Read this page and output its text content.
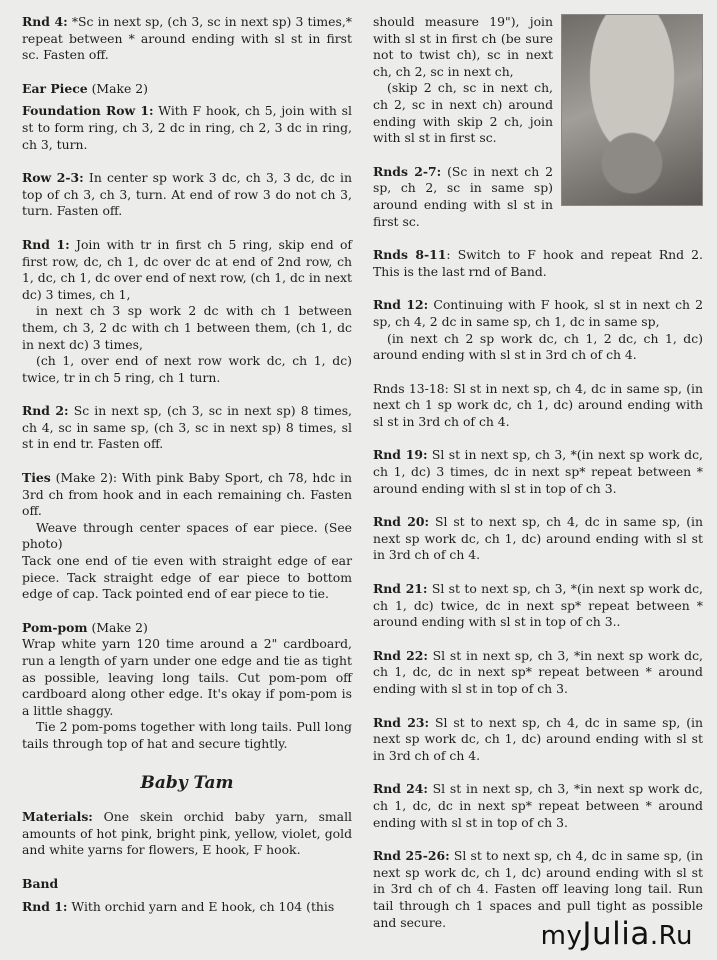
Rnd 4: *Sc in next sp, (ch 3, sc in next sp) 3 times,* repeat between * around ending with sl st in first sc. Fasten off.

Ear Piece (Make 2)

Foundation Row 1: With F hook, ch 5, join with sl st to form ring, ch 3, 2 dc in ring, ch 2, 3 dc in ring, ch 3, turn.

Row 2-3: In center sp work 3 dc, ch 3, 3 dc, dc in top of ch 3, ch 3, turn. At end of row 3 do not ch 3, turn. Fasten off.

Rnd 1: Join with tr in first ch 5 ring, skip end of first row, dc, ch 1, dc over dc at end of 2nd row, ch 1, dc, ch 1, dc over end of next row, (ch 1, dc in next dc) 3 times, ch 1,

in next ch 3 sp work 2 dc with ch 1 between them, ch 3, 2 dc with ch 1 between them, (ch 1, dc in next dc) 3 times,

(ch 1, over end of next row work dc, ch 1, dc) twice, tr in ch 5 ring, ch 1 turn.

Rnd 2: Sc in next sp, (ch 3, sc in next sp) 8 times, ch 4, sc in same sp, (ch 3, sc in next sp) 8 times, sl st in end tr. Fasten off.

Ties (Make 2): With pink Baby Sport, ch 78, hdc in 3rd ch from hook and in each remaining ch. Fasten off.

Weave through center spaces of ear piece. (See photo)

Tack one end of tie even with straight edge of ear piece. Tack straight edge of ear piece to bottom edge of cap. Tack pointed end of ear piece to tie.

Pom-pom (Make 2)

Wrap white yarn 120 time around a 2" cardboard, run a length of yarn under one edge and tie as tight as possible, leaving long tails. Cut pom-pom off cardboard along other edge. It's okay if pom-pom is a little shaggy.

Tie 2 pom-poms together with long tails. Pull long tails through top of hat and secure tightly.

Baby Tam

Materials: One skein orchid baby yarn, small amounts of hot pink, bright pink, yellow, violet, gold and white yarns for flowers, E hook, F hook.

Band

Rnd 1: With orchid yarn and E hook, ch 104 (this

should measure 19"), join with sl st in first ch (be sure not to twist ch), sc in next ch, ch 2, sc in next ch,

(skip 2 ch, sc in next ch, ch 2, sc in next ch) around ending with skip 2 ch, join with sl st in first sc.

Rnds 2-7: (Sc in next ch 2 sp, ch 2, sc in same sp) around ending with sl st in first sc.

Rnds 8-11: Switch to F hook and repeat Rnd 2. This is the last rnd of Band.

Rnd 12: Continuing with F hook, sl st in next ch 2 sp, ch 4, 2 dc in same sp, ch 1, dc in same sp,

(in next ch 2 sp work dc, ch 1, 2 dc, ch 1, dc) around ending with sl st in 3rd ch of ch 4.

Rnds 13-18: Sl st in next sp, ch 4, dc in same sp, (in next ch 1 sp work dc, ch 1, dc) around ending with sl st in 3rd ch of ch 4.

Rnd 19: Sl st in next sp, ch 3, *(in next sp work dc, ch 1, dc) 3 times, dc in next sp* repeat between * around ending with sl st in top of ch 3.

Rnd 20: Sl st to next sp, ch 4, dc in same sp, (in next sp work dc, ch 1, dc) around ending with sl st in 3rd ch of ch 4.

Rnd 21: Sl st to next sp, ch 3, *(in next sp work dc, ch 1, dc) twice, dc in next sp* repeat between * around ending with sl st in top of ch 3..

Rnd 22: Sl st in next sp, ch 3, *in next sp work dc, ch 1, dc, dc in next sp* repeat between * around ending with sl st in top of ch 3.

Rnd 23: Sl st to next sp, ch 4, dc in same sp, (in next sp work dc, ch 1, dc) around ending with sl st in 3rd ch of ch 4.

Rnd 24: Sl st in next sp, ch 3, *in next sp work dc, ch 1, dc, dc in next sp* repeat between * around ending with sl st in top of ch 3.

Rnd 25-26: Sl st to next sp, ch 4, dc in same sp, (in next sp work dc, ch 1, dc) around ending with sl st in 3rd ch of ch 4. Fasten off leaving long tail. Run tail through ch 1 spaces and pull tight as possible and secure.	myJulia.Ru
